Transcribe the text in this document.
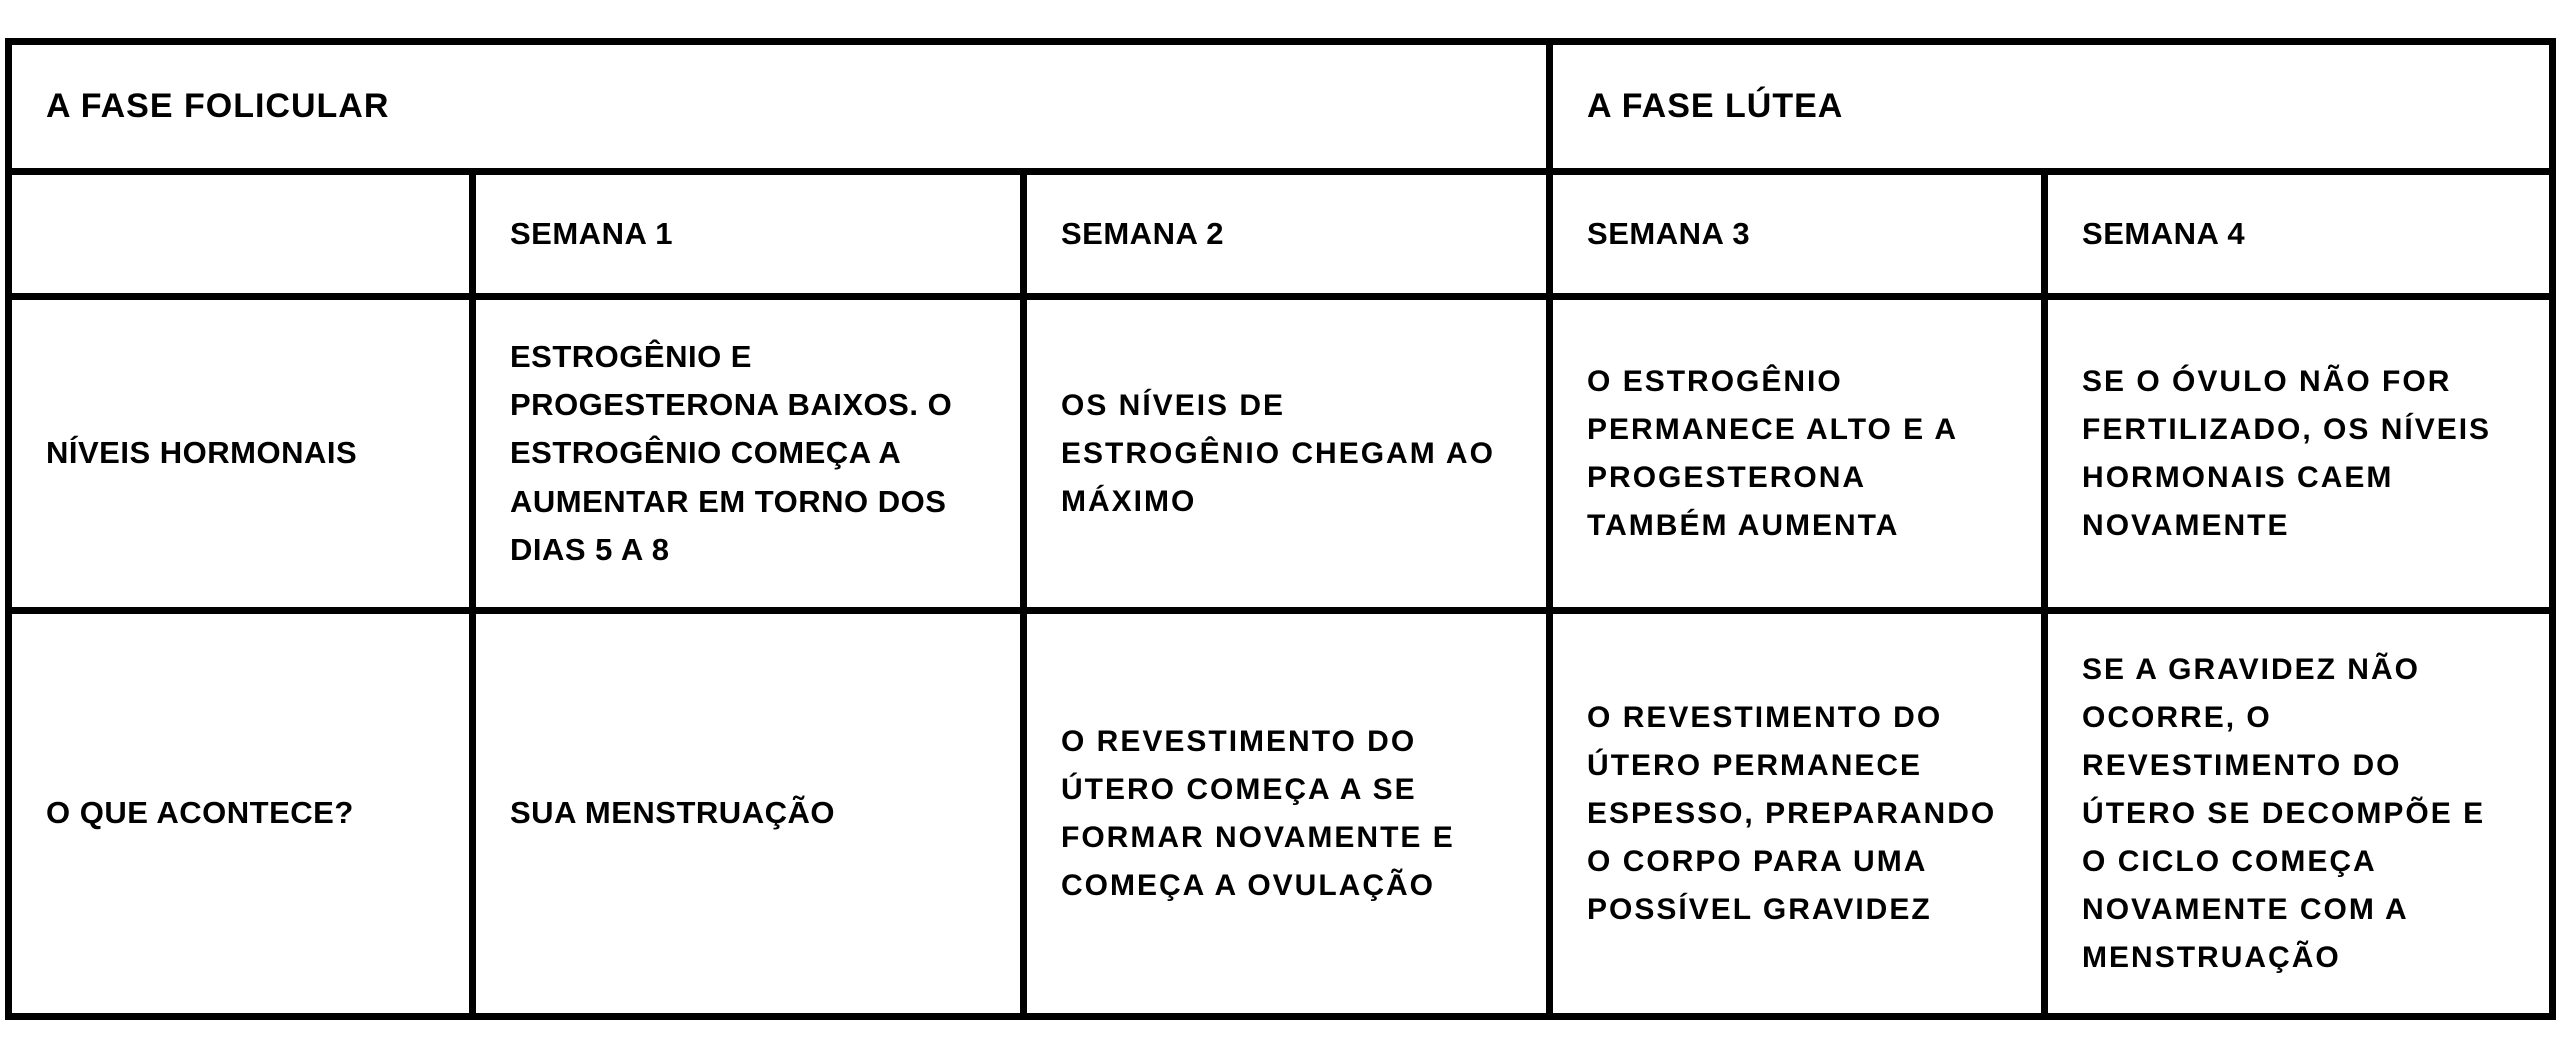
A FASE FOLICULAR			A FASE LÚTEA	
	SEMANA 1	SEMANA 2	SEMANA 3	SEMANA 4
NÍVEIS HORMONAIS	ESTROGÊNIO E PROGESTERONA BAIXOS. O ESTROGÊNIO COMEÇA A AUMENTAR EM TORNO DOS DIAS 5 A 8	OS NÍVEIS DE ESTROGÊNIO CHEGAM AO MÁXIMO	O ESTROGÊNIO PERMANECE ALTO E A PROGESTERONA TAMBÉM AUMENTA	SE O ÓVULO NÃO FOR FERTILIZADO, OS NÍVEIS HORMONAIS CAEM NOVAMENTE
O QUE ACONTECE?	SUA MENSTRUAÇÃO	O REVESTIMENTO DO ÚTERO COMEÇA A SE FORMAR NOVAMENTE E COMEÇA A OVULAÇÃO	O REVESTIMENTO DO ÚTERO PERMANECE ESPESSO, PREPARANDO O CORPO PARA UMA POSSÍVEL GRAVIDEZ	SE A GRAVIDEZ NÃO OCORRE, O REVESTIMENTO DO ÚTERO SE DECOMPÕE E O CICLO COMEÇA NOVAMENTE COM A MENSTRUAÇÃO
